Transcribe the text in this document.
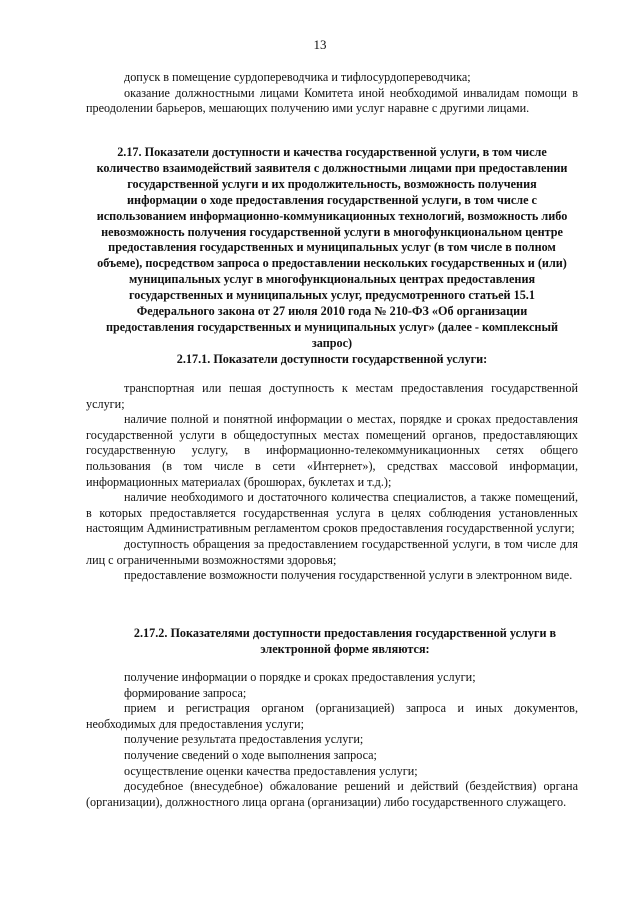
13

допуск в помещение сурдопереводчика и тифлосурдопереводчика;

оказание должностными лицами Комитета иной необходимой инвалидам помощи в преодолении барьеров, мешающих получению ими услуг наравне с другими лицами.

2.17. Показатели доступности и качества государственной услуги, в том числе количество взаимодействий заявителя с должностными лицами при предоставлении государственной услуги и их продолжительность, возможность получения информации о ходе предоставления государственной услуги, в том числе с использованием информационно-коммуникационных технологий, возможность либо невозможность получения государственной услуги в многофункциональном центре предоставления государственных и муниципальных услуг (в том числе в полном объеме), посредством запроса о предоставлении нескольких государственных и (или) муниципальных услуг в многофункциональных центрах предоставления государственных и муниципальных услуг, предусмотренного статьей 15.1 Федерального закона от 27 июля 2010 года № 210-ФЗ «Об организации предоставления государственных и муниципальных услуг» (далее - комплексный запрос)

2.17.1. Показатели доступности государственной услуги:

транспортная или пешая доступность к местам предоставления государственной услуги;

наличие полной и понятной информации о местах, порядке и сроках предоставления государственной услуги в общедоступных местах помещений органов, предоставляющих государственную услугу, в информационно-телекоммуникационных сетях общего пользования (в том числе в сети «Интернет»), средствах массовой информации, информационных материалах (брошюрах, буклетах и т.д.);

наличие необходимого и достаточного количества специалистов, а также помещений, в которых предоставляется государственная услуга в целях соблюдения установленных настоящим Административным регламентом сроков предоставления государственной услуги;

доступность обращения за предоставлением государственной услуги, в том числе для лиц с ограниченными возможностями здоровья;

предоставление возможности получения государственной услуги в электронном виде.

2.17.2. Показателями доступности предоставления государственной услуги в электронной форме являются:

получение информации о порядке и сроках предоставления услуги;

формирование запроса;

прием и регистрация органом (организацией) запроса и иных документов, необходимых для предоставления услуги;

получение результата предоставления услуги;

получение сведений о ходе выполнения запроса;

осуществление оценки качества предоставления услуги;

досудебное (внесудебное) обжалование решений и действий (бездействия) органа (организации), должностного лица органа (организации) либо государственного служащего.
